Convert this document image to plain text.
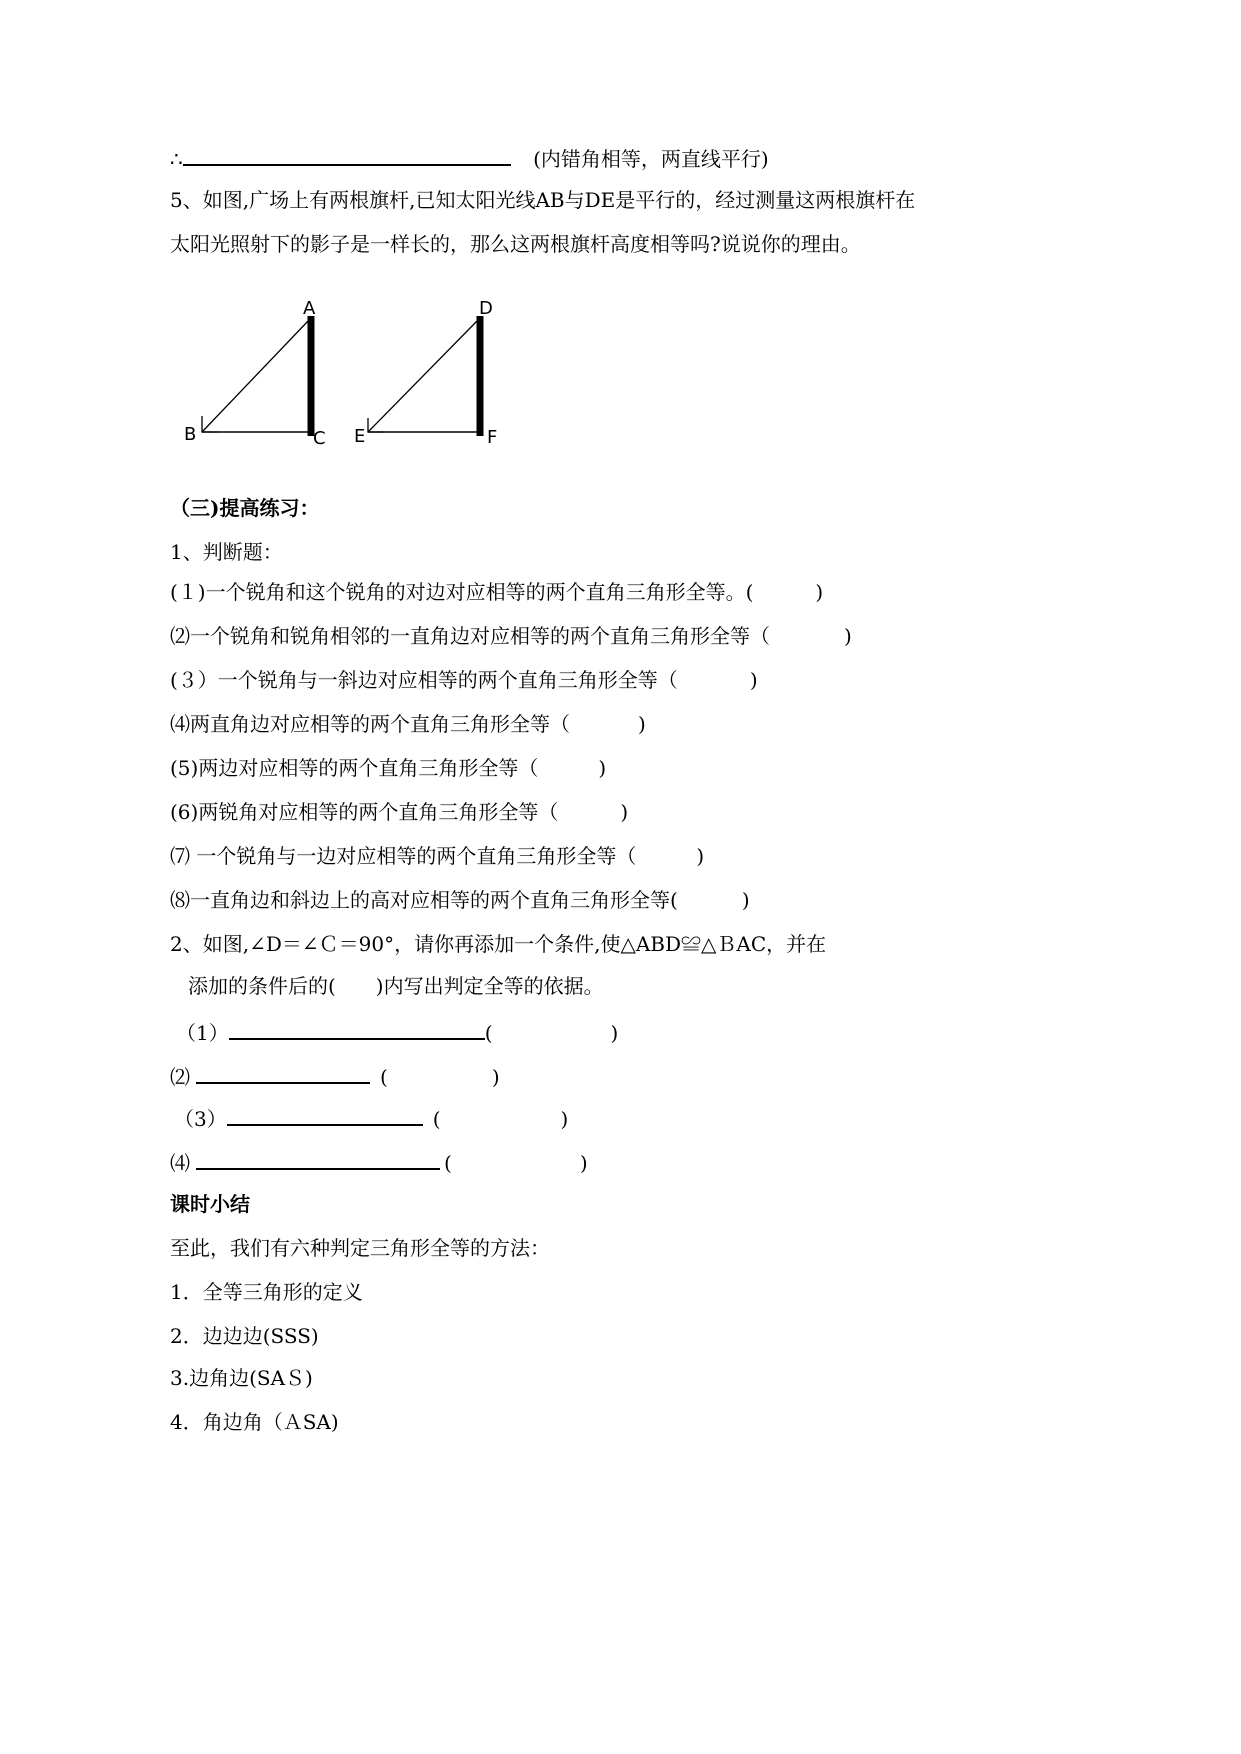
∴	(内错角相等，两直线平行)
5、如图,广场上有两根旗杆,已知太阳光线AB与DE是平行的，经过测量这两根旗杆在
太阳光照射下的影子是一样长的，那么这两根旗杆高度相等吗?说说你的理由。
A
B	C
D
E	F
（三)提高练习：
1、判断题：
(１)一个锐角和这个锐角的对边对应相等的两个直角三角形全等。(	)
⑵一个锐角和锐角相邻的一直角边对应相等的两个直角三角形全等（	)
(３）一个锐角与一斜边对应相等的两个直角三角形全等（	)
⑷两直角边对应相等的两个直角三角形全等（	)
(5)两边对应相等的两个直角三角形全等（	)
(6)两锐角对应相等的两个直角三角形全等（	)
⑺ 一个锐角与一边对应相等的两个直角三角形全等（	)
⑻一直角边和斜边上的高对应相等的两个直角三角形全等(	)
2、如图,∠D＝∠Ｃ＝90°，请你再添加一个条件,使△ABD≌△ＢAC，并在
添加的条件后的(　　)内写出判定全等的依据。
（1）	(	)
⑵	(	)
（3）	(	)
⑷	(	)
课时小结
至此，我们有六种判定三角形全等的方法：
1．全等三角形的定义
2．边边边(SSS)
3.边角边(SAＳ)
4．角边角（ＡSA)
